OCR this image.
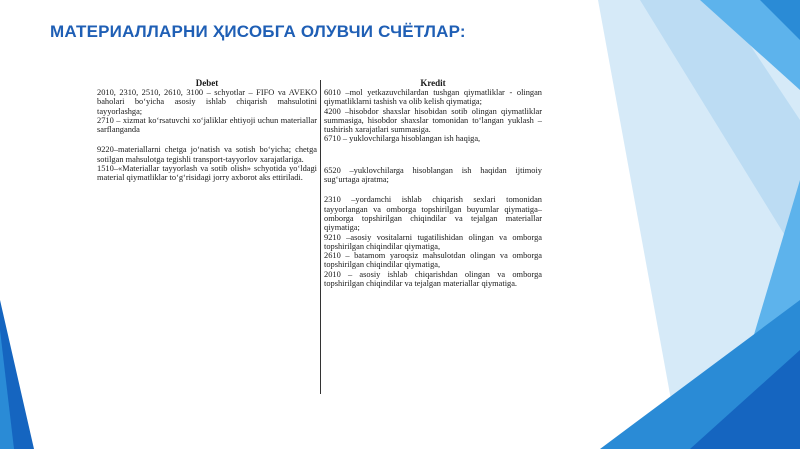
МАТЕРИАЛЛАРНИ ҲИСОБГА ОЛУВЧИ СЧЁТЛАР:
Debet

2010, 2310, 2510, 2610, 3100 – schyotlar – FIFO va AVEKO baholari boʻyicha asosiy ishlab chiqarish mahsulotini tayyorlashga;

2710 – xizmat koʻrsatuvchi xoʻjaliklar ehtiyoji uchun materiallar sarflanganda

9220–materiallarni chetga joʻnatish va sotish boʻyicha; chetga sotilgan mahsulotga tegishli transport-tayyorlov xarajatlariga.

1510–«Materiallar tayyorlash va sotib olish» schyotida yoʻldagi material qiymatliklar toʻgʻrisidagi jorry axborot aks ettiriladi.

Kredit

6010 –mol yetkazuvchilardan tushgan qiymatliklar - olingan qiymatliklarni tashish va olib kelish qiymatiga;

4200 –hisobdor shaxslar hisobidan sotib olingan qiymatliklar summasiga, hisobdor shaxslar tomonidan toʻlangan yuklash – tushirish xarajatlari summasiga.

6710 – yuklovchilarga hisoblangan ish haqiga,

6520 –yuklovchilarga hisoblangan ish haqidan ijtimoiy sugʻurtaga ajratma;

2310 –yordamchi ishlab chiqarish sexlari tomonidan tayyorlangan va omborga topshirilgan buyumlar qiymatiga– omborga topshirilgan chiqindilar va tejalgan materiallar qiymatiga;

9210 –asosiy vositalarni tugatilishidan olingan va omborga topshirilgan chiqindilar qiymatiga,

2610 – batamom yaroqsiz mahsulotdan olingan va omborga topshirilgan chiqindilar qiymatiga,

2010 – asosiy ishlab chiqarishdan olingan va omborga topshirilgan chiqindilar va tejalgan materiallar qiymatiga.
